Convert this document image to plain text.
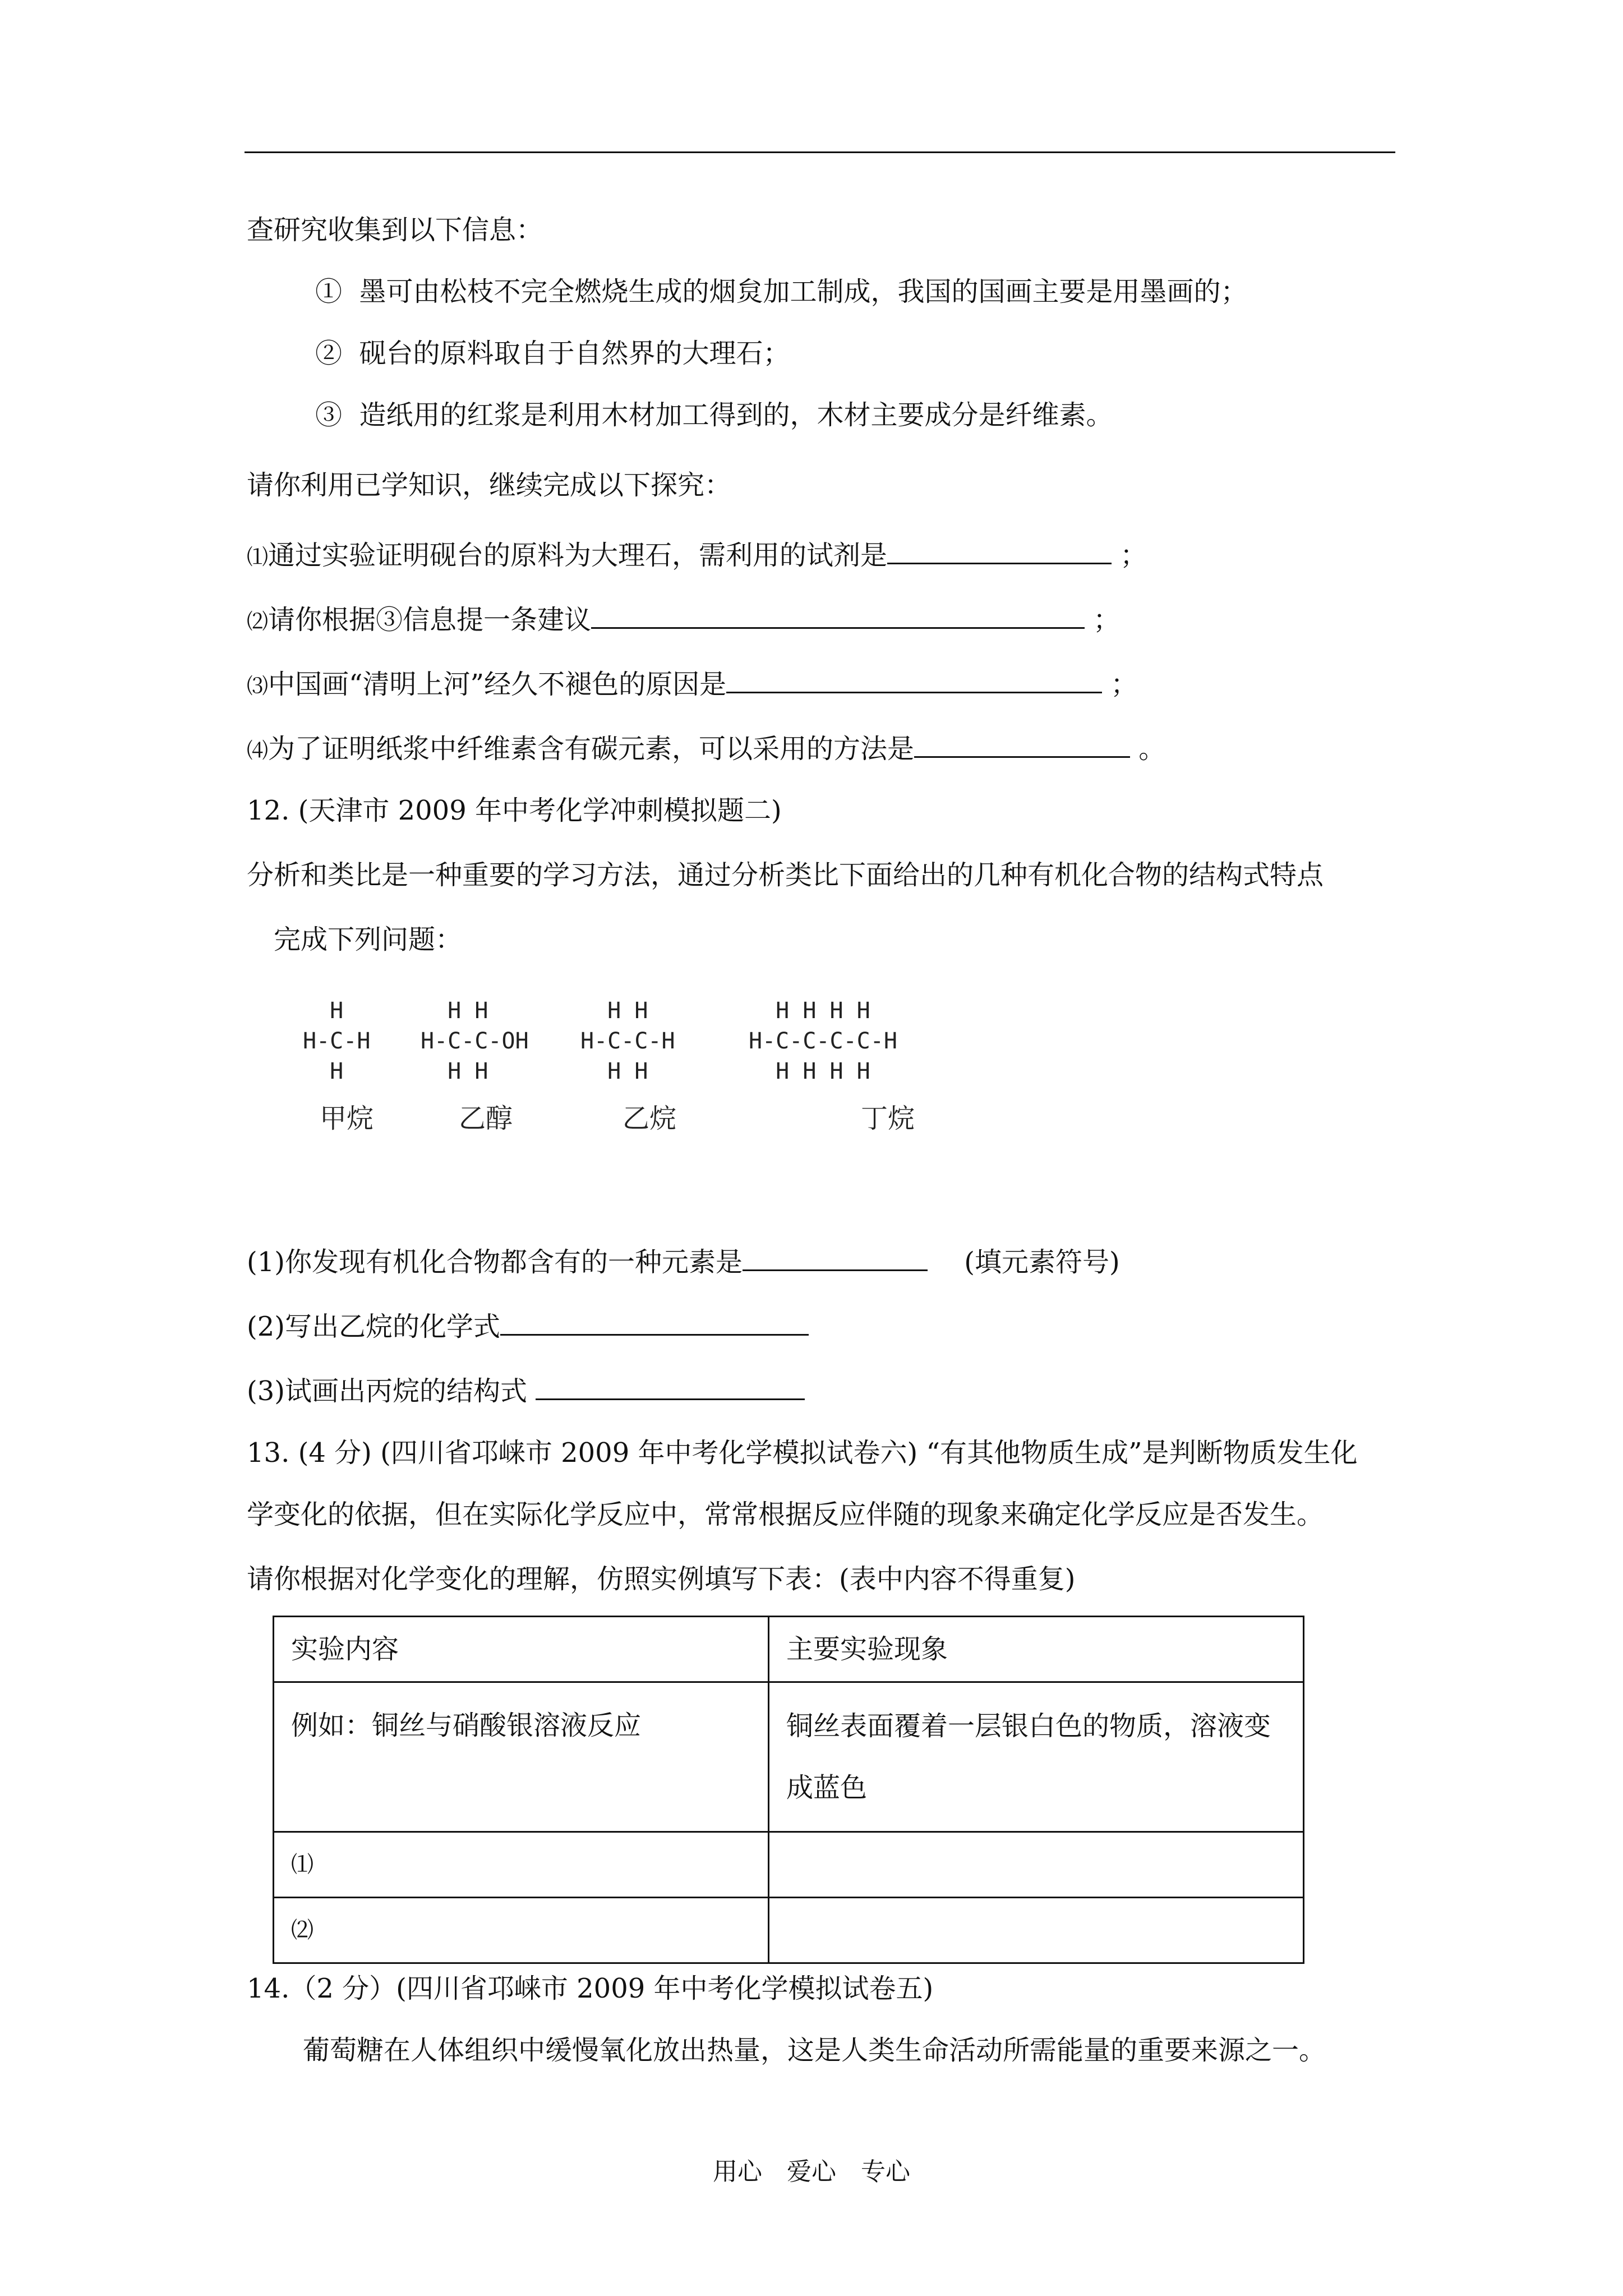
查研究收集到以下信息：
① 墨可由松枝不完全燃烧生成的烟炱加工制成，我国的国画主要是用墨画的；
② 砚台的原料取自于自然界的大理石；
③ 造纸用的红浆是利用木材加工得到的，木材主要成分是纤维素。
请你利用已学知识，继续完成以下探究：
⑴通过实验证明砚台的原料为大理石，需利用的试剂是	；
⑵请你根据③信息提一条建议	；
⑶中国画“清明上河”经久不褪色的原因是	；
⑷为了证明纸浆中纤维素含有碳元素，可以采用的方法是	。
12. (天津市 2009 年中考化学冲刺模拟题二)
分析和类比是一种重要的学习方法，通过分析类比下面给出的几种有机化合物的结构式特点
完成下列问题：
H
H-C-H
H
H H
H-C-C-OH
H H
H H
H-C-C-H
H H
H H H H
H-C-C-C-C-H
H H H H
甲烷	乙醇	乙烷	丁烷
(1)你发现有机化合物都含有的一种元素是	(填元素符号)
(2)写出乙烷的化学式
(3)试画出丙烷的结构式
13. (4 分) (四川省邛崃市 2009 年中考化学模拟试卷六) “有其他物质生成”是判断物质发生化
学变化的依据，但在实际化学反应中，常常根据反应伴随的现象来确定化学反应是否发生。
请你根据对化学变化的理解，仿照实例填写下表：(表中内容不得重复)
实验内容	主要实验现象
例如：铜丝与硝酸银溶液反应	铜丝表面覆着一层银白色的物质，溶液变成蓝色
⑴	
⑵	
14.（2 分）(四川省邛崃市 2009 年中考化学模拟试卷五)
葡萄糖在人体组织中缓慢氧化放出热量，这是人类生命活动所需能量的重要来源之一。
用心　爱心　专心
